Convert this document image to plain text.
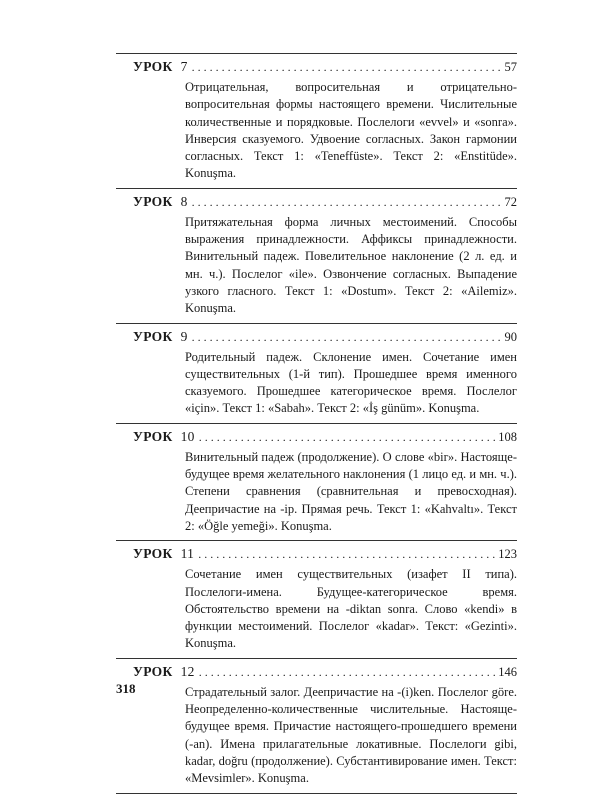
УРОК 7 . . .	57
Отрицательная, вопросительная и отрицательно-вопросительная формы настоящего времени. Числительные количественные и порядковые. Послелоги «evvel» и «sonra». Инверсия сказуемого. Удвоение согласных. Закон гармонии согласных. Текст 1: «Teneffüste». Текст 2: «Enstitüde». Konuşma.
УРОК 8 . . .	72
Притяжательная форма личных местоимений. Способы выражения принадлежности. Аффиксы принадлежности. Винительный падеж. Повелительное наклонение (2 л. ед. и мн. ч.). Послелог «ile». Озвончение согласных. Выпадение узкого гласного. Текст 1: «Dostum». Текст 2: «Ailemiz». Konuşma.
УРОК 9 . . .	90
Родительный падеж. Склонение имен. Сочетание имен существительных (1-й тип). Прошедшее время именного сказуемого. Прошедшее категорическое время. Послелог «için». Текст 1: «Sabah». Текст 2: «İş günüm». Konuşma.
УРОК 10 . . .	108
Винительный падеж (продолжение). О слове «bir». Настояще-будущее время желательного наклонения (1 лицо ед. и мн. ч.). Степени сравнения (сравнительная и превосходная). Деепричастие на -ip. Прямая речь. Текст 1: «Kahvaltı». Текст 2: «Öğle yemeği». Konuşma.
УРОК 11 . . .	123
Сочетание имен существительных (изафет II типа). Послелоги-имена. Будущее-категорическое время. Обстоятельство времени на -diktan sonra. Слово «kendi» в функции местоимений. Послелог «kadar». Текст: «Gezinti». Konuşma.
УРОК 12 . . .	146
Страдательный залог. Деепричастие на -(i)ken. Послелог göre. Неопределенно-количественные числительные. Настояще-будущее время. Причастие настоящего-прошедшего времени (-an). Имена прилагательные локативные. Послелоги gibi, kadar, doğru (продолжение). Субстантивирование имен. Текст: «Mevsimler». Konuşma.
318
